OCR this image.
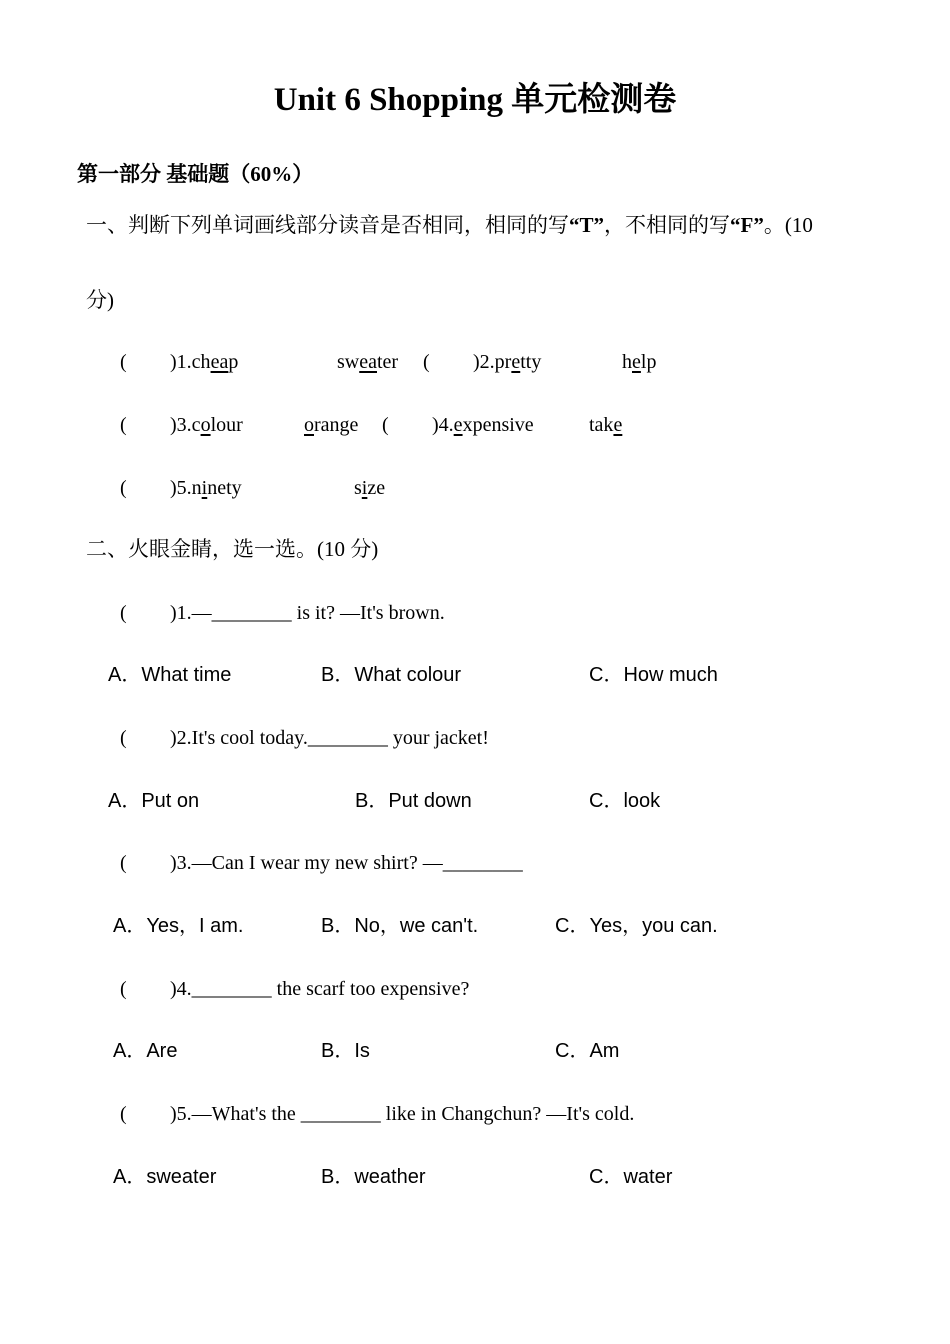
Unit 6 Shopping 单元检测卷
第一部分 基础题（60%）
一、判断下列单词画线部分读音是否相同，相同的写“T”，不相同的写“F”。(10
分)
( )1.cheap	sweater ( )2.pretty	help
( )3.colour	orange ( )4.expensive	take
( )5.ninety	size
二、火眼金睛，选一选。(10 分)
( )1.—________ is it? —It's brown.
A．What time	B．What colour	C．How much
( )2.It's cool today.________ your jacket!
A．Put on	B．Put down	C．look
( )3.—Can I wear my new shirt? —________
A．Yes，I am.	B．No，we can't.	C．Yes，you can.
( )4.________ the scarf too expensive?
A．Are	B．Is	C．Am
( )5.—What's the ________ like in Changchun? —It's cold.
A．sweater	B．weather	C．water
